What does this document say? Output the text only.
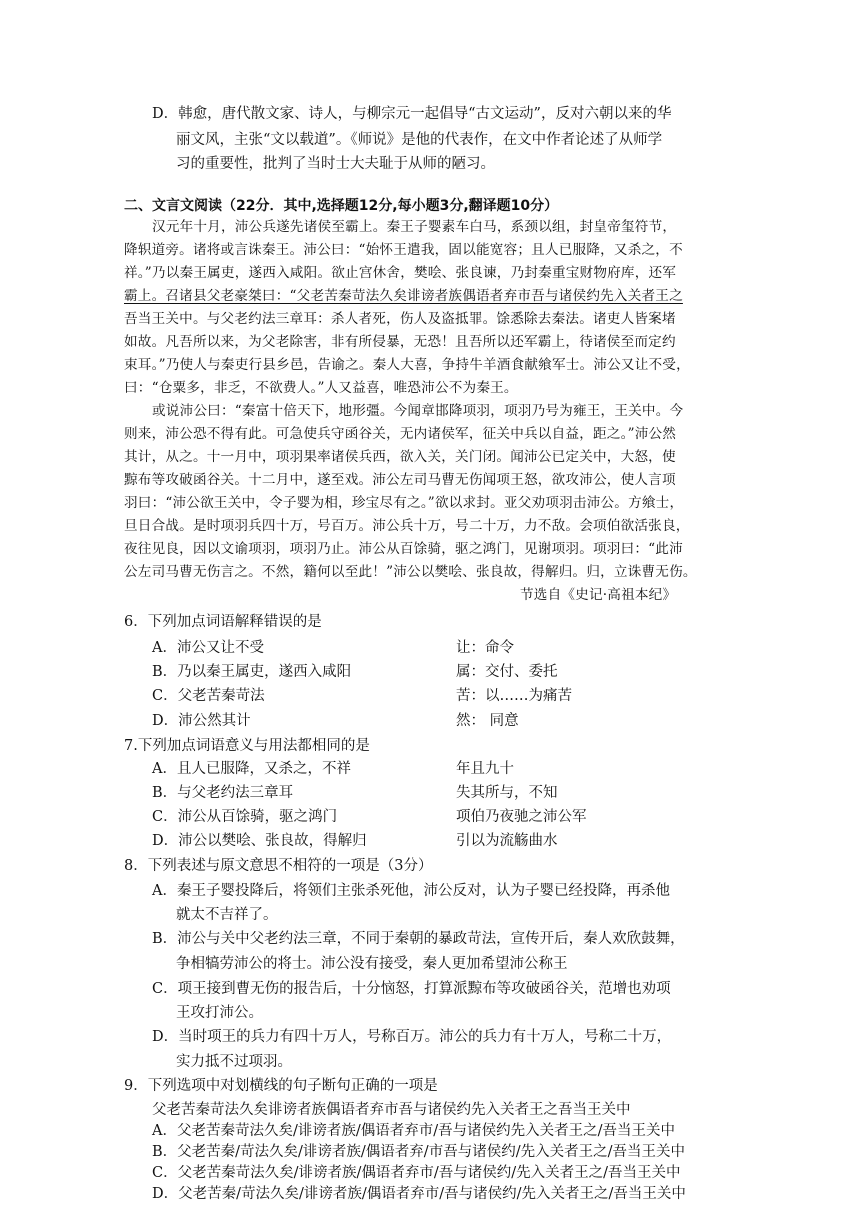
D．韩愈，唐代散文家、诗人，与柳宗元一起倡导“古文运动”，反对六朝以来的华
丽文风，主张“文以载道”。《师说》是他的代表作，在文中作者论述了从师学
习的重要性，批判了当时士大夫耻于从师的陋习。
二、文言文阅读（22分．其中,选择题12分,每小题3分,翻译题10分）
汉元年十月，沛公兵遂先诸侯至霸上。秦王子婴素车白马，系颈以组，封皇帝玺符节，
降轵道旁。诸将或言诛秦王。沛公曰：“始怀王遣我，固以能宽容；且人已服降，又杀之，不
祥。”乃以秦王属吏，遂西入咸阳。欲止宫休舍，樊哙、张良谏，乃封秦重宝财物府库，还军
霸上。召诸县父老豪桀曰：“父老苦秦苛法久矣诽谤者族偶语者弃市吾与诸侯约先入关者王之
吾当王关中。与父老约法三章耳：杀人者死，伤人及盗抵罪。馀悉除去秦法。诸吏人皆案堵
如故。凡吾所以来，为父老除害，非有所侵暴，无恐！且吾所以还军霸上，待诸侯至而定约
束耳。”乃使人与秦吏行县乡邑，告谕之。秦人大喜，争持牛羊酒食献飨军士。沛公又让不受，
曰：“仓粟多，非乏，不欲费人。”人又益喜，唯恐沛公不为秦王。
或说沛公曰：“秦富十倍天下，地形彊。今闻章邯降项羽，项羽乃号为雍王，王关中。今
则来，沛公恐不得有此。可急使兵守函谷关，无内诸侯军，征关中兵以自益，距之。”沛公然
其计，从之。十一月中，项羽果率诸侯兵西，欲入关，关门闭。闻沛公已定关中，大怒，使
黥布等攻破函谷关。十二月中，遂至戏。沛公左司马曹无伤闻项王怒，欲攻沛公，使人言项
羽曰：“沛公欲王关中，令子婴为相，珍宝尽有之。”欲以求封。亚父劝项羽击沛公。方飨士，
旦日合战。是时项羽兵四十万，号百万。沛公兵十万，号二十万，力不敌。会项伯欲活张良，
夜往见良，因以文谕项羽，项羽乃止。沛公从百馀骑，驱之鸿门，见谢项羽。项羽曰：“此沛
公左司马曹无伤言之。不然，籍何以至此！”沛公以樊哙、张良故，得解归。归，立诛曹无伤。
节选自《史记·高祖本纪》
6．下列加点词语解释错误的是
A．沛公又让不受	让：命令
B．乃以秦王属吏，遂西入咸阳	属：交付、委托
C．父老苦秦苛法	苦：以……为痛苦
D．沛公然其计	然： 同意
7.下列加点词语意义与用法都相同的是
A．且人已服降，又杀之，不祥	年且九十
B．与父老约法三章耳	失其所与，不知
C．沛公从百馀骑，驱之鸿门	项伯乃夜驰之沛公军
D．沛公以樊哙、张良故，得解归	引以为流觞曲水
8．下列表述与原文意思不相符的一项是（3分）
A．秦王子婴投降后，将领们主张杀死他，沛公反对，认为子婴已经投降，再杀他
就太不吉祥了。
B．沛公与关中父老约法三章，不同于秦朝的暴政苛法，宣传开后，秦人欢欣鼓舞，
争相犒劳沛公的将士。沛公没有接受，秦人更加希望沛公称王
C．项王接到曹无伤的报告后，十分恼怒，打算派黥布等攻破函谷关，范增也劝项
王攻打沛公。
D．当时项王的兵力有四十万人，号称百万。沛公的兵力有十万人，号称二十万，
实力抵不过项羽。
9．下列选项中对划横线的句子断句正确的一项是
父老苦秦苛法久矣诽谤者族偶语者弃市吾与诸侯约先入关者王之吾当王关中
A．父老苦秦苛法久矣/诽谤者族/偶语者弃市/吾与诸侯约先入关者王之/吾当王关中
B．父老苦秦/苛法久矣/诽谤者族/偶语者弃/市吾与诸侯约/先入关者王之/吾当王关中
C．父老苦秦苛法久矣/诽谤者族/偶语者弃市/吾与诸侯约/先入关者王之/吾当王关中
D．父老苦秦/苛法久矣/诽谤者族/偶语者弃市/吾与诸侯约/先入关者王之/吾当王关中
